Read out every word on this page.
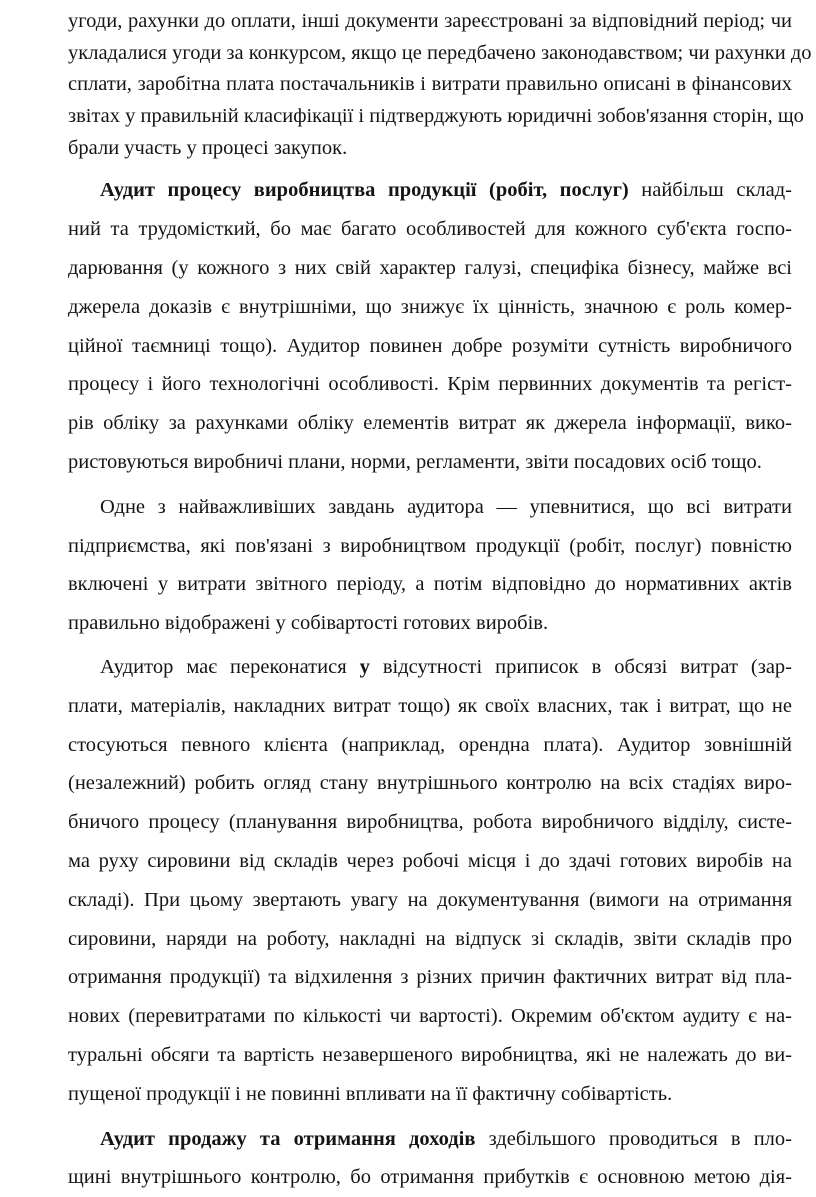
угоди, рахунки до оплати, інші документи зареєстровані за відповідний період; чи
укладалися угоди за конкурсом, якщо це передбачено законодавством; чи рахунки до
сплати, заробітна плата постачальників і витрати правильно описані в фінансових
звітах у правильній класифікації і підтверджують юридичні зобов'язання сторін, що
брали участь у процесі закупок.

Аудит процесу виробництва продукції (робіт, послуг) найбільш склад-
ний та трудомісткий, бо має багато особливостей для кожного суб'єкта госпо-
дарювання (у кожного з них свій характер галузі, специфіка бізнесу, майже всі
джерела доказів є внутрішніми, що знижує їх цінність, значною є роль комер-
ційної таємниці тощо). Аудитор повинен добре розуміти сутність виробничого
процесу і його технологічні особливості. Крім первинних документів та регіст-
рів обліку за рахунками обліку елементів витрат як джерела інформації, вико-
ристовуються виробничі плани, норми, регламенти, звіти посадових осіб тощо.

Одне з найважливіших завдань аудитора — упевнитися, що всі витрати
підприємства, які пов'язані з виробництвом продукції (робіт, послуг) повністю
включені у витрати звітного періоду, а потім відповідно до нормативних актів
правильно відображені у собівартості готових виробів.

Аудитор має переконатися у відсутності приписок в обсязі витрат (зар-
плати, матеріалів, накладних витрат тощо) як своїх власних, так і витрат, що не
стосуються певного клієнта (наприклад, орендна плата). Аудитор зовнішній
(незалежний) робить огляд стану внутрішнього контролю на всіх стадіях виро-
бничого процесу (планування виробництва, робота виробничого відділу, систе-
ма руху сировини від складів через робочі місця і до здачі готових виробів на
складі). При цьому звертають увагу на документування (вимоги на отримання
сировини, наряди на роботу, накладні на відпуск зі складів, звіти складів про
отримання продукції) та відхилення з різних причин фактичних витрат від пла-
нових (перевитратами по кількості чи вартості). Окремим об'єктом аудиту є на-
туральні обсяги та вартість незавершеного виробництва, які не належать до ви-
пущеної продукції і не повинні впливати на її фактичну собівартість.

Аудит продажу та отримання доходів здебільшого проводиться в пло-
щині внутрішнього контролю, бо отримання прибутків є основною метою дія-
